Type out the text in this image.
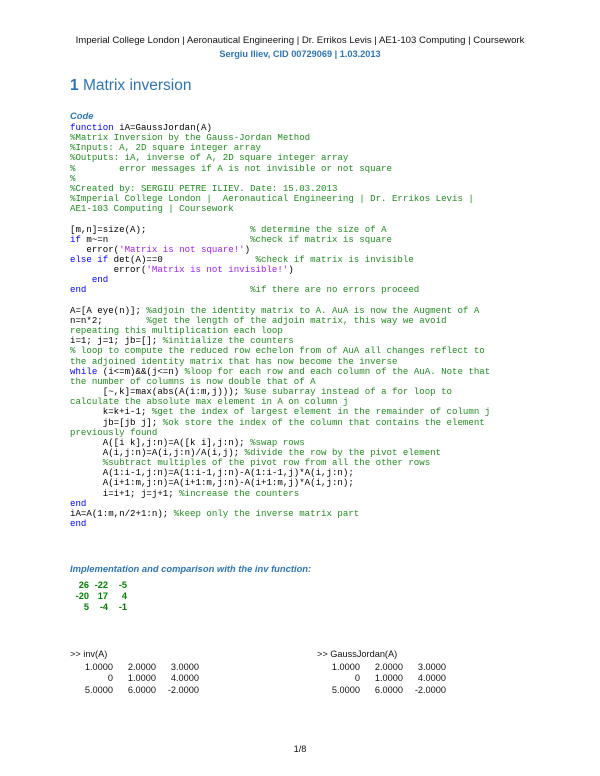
Imperial College London | Aeronautical Engineering | Dr. Errikos Levis | AE1-103 Computing | Coursework
Sergiu Iliev, CID 00729069 | 1.03.2013
1 Matrix inversion
Code
function iA=GaussJordan(A)
%Matrix Inversion by the Gauss-Jordan Method
%Inputs: A, 2D square integer array
%Outputs: iA, inverse of A, 2D square integer array
%        error messages if A is not invisible or not square
%
%Created by: SERGIU PETRE ILIEV. Date: 15.03.2013
%Imperial College London |  Aeronautical Engineering | Dr. Errikos Levis |
AE1-103 Computing | Coursework
[m,n]=size(A);                   % determine the size of A
if m~=n                          %check if matrix is square
error('Matrix is not square!')
else if det(A)==0                 %check if matrix is invisible
error('Matrix is not invisible!')
end
end	%if there are no errors proceed
A=[A eye(n)]; %adjoin the identity matrix to A. AuA is now the Augment of A
n=n*2;        %get the length of the adjoin matrix, this way we avoid
repeating this multiplication each loop
i=1; j=1; jb=[]; %initialize the counters
% loop to compute the reduced row echelon from of AuA all changes reflect to
the adjoined identity matrix that has now become the inverse
while (i<=m)&&(j<=n) %loop for each row and each column of the AuA. Note that
the number of columns is now double that of A
[~,k]=max(abs(A(i:m,j))); %use subarray instead of a for loop to
calculate the absolute max element in A on column j
k=k+i-1; %get the index of largest element in the remainder of column j
jb=[jb j]; %ok store the index of the column that contains the element
previously found
A([i k],j:n)=A([k i],j:n); %swap rows
A(i,j:n)=A(i,j:n)/A(i,j); %divide the row by the pivot element
%subtract multiples of the pivot row from all the other rows
A(1:i-1,j:n)=A(1:i-1,j:n)-A(1:i-1,j)*A(i,j:n);
A(i+1:m,j:n)=A(i+1:m,j:n)-A(i+1:m,j)*A(i,j:n);
i=i+1; j=j+1; %increase the counters
end
iA=A(1:m,n/2+1:n); %keep only the inverse matrix part
end
Implementation and comparison with the inv function:
26 -22	-5
-20 17	4
5	-4	-1
>> inv(A)	>> GaussJordan(A)
1.0000	2.0000	3.0000
0	1.0000	4.0000
5.0000	6.0000	-2.0000
1.0000	2.0000	3.0000
0	1.0000	4.0000
5.0000	6.0000	-2.0000
1/8
